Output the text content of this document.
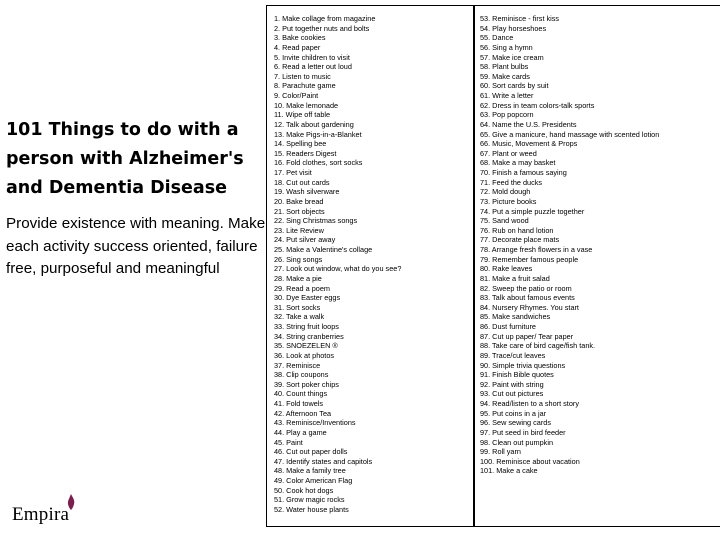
101 Things to do with a person with Alzheimer's and Dementia Disease
Provide existence with meaning. Make each activity success oriented, failure free, purposeful and meaningful
Empira
1. Make collage from magazine
2. Put together nuts and bolts
3. Bake cookies
4. Read paper
5. Invite children to visit
6. Read a letter out loud
7. Listen to music
8. Parachute game
9. Color/Paint
10. Make lemonade
11. Wipe off table
12. Talk about gardening
13. Make Pigs-in-a-Blanket
14. Spelling bee
15. Readers Digest
16. Fold clothes, sort socks
17. Pet visit
18. Cut out cards
19. Wash silverware
20. Bake bread
21. Sort objects
22. Sing Christmas songs
23. Lite Review
24. Put silver away
25. Make a Valentine's collage
26. Sing songs
27. Look out window, what do you see?
28. Make a pie
29. Read a poem
30. Dye Easter eggs
31. Sort socks
32. Take a walk
33. String fruit loops
34. String cranberries
35. SNOEZELEN ®
36. Look at photos
37. Reminisce
38. Clip coupons
39. Sort poker chips
40. Count things
41. Fold towels
42. Afternoon Tea
43. Reminisce/Inventions
44. Play a game
45. Paint
46. Cut out paper dolls
47. Identify states and capitols
48. Make a family tree
49. Color American Flag
50. Cook hot dogs
51. Grow magic rocks
52. Water house plants
53. Reminisce - first kiss
54. Play horseshoes
55. Dance
56. Sing a hymn
57. Make ice cream
58. Plant bulbs
59. Make cards
60. Sort cards by suit
61. Write a letter
62. Dress in team colors-talk sports
63. Pop popcorn
64. Name the U.S. Presidents
65. Give a manicure, hand massage with scented lotion
66. Music, Movement & Props
67. Plant or weed
68. Make a may basket
70. Finish a famous saying
71. Feed the ducks
72. Mold dough
73. Picture books
74. Put a simple puzzle together
75. Sand wood
76. Rub on hand lotion
77. Decorate place mats
78. Arrange fresh flowers in a vase
79. Remember famous people
80. Rake leaves
81. Make a fruit salad
82. Sweep the patio or room
83. Talk about famous events
84. Nursery Rhymes. You start
85. Make sandwiches
86. Dust furniture
87. Cut up paper/ Tear paper
88. Take care of bird cage/fish tank.
89. Trace/cut leaves
90. Simple trivia questions
91. Finish Bible quotes
92. Paint with string
93. Cut out pictures
94. Read/listen to a short story
95. Put coins in a jar
96. Sew sewing cards
97. Put seed in bird feeder
98. Clean out pumpkin
99. Roll yarn
100. Reminisce about vacation
101. Make a cake
